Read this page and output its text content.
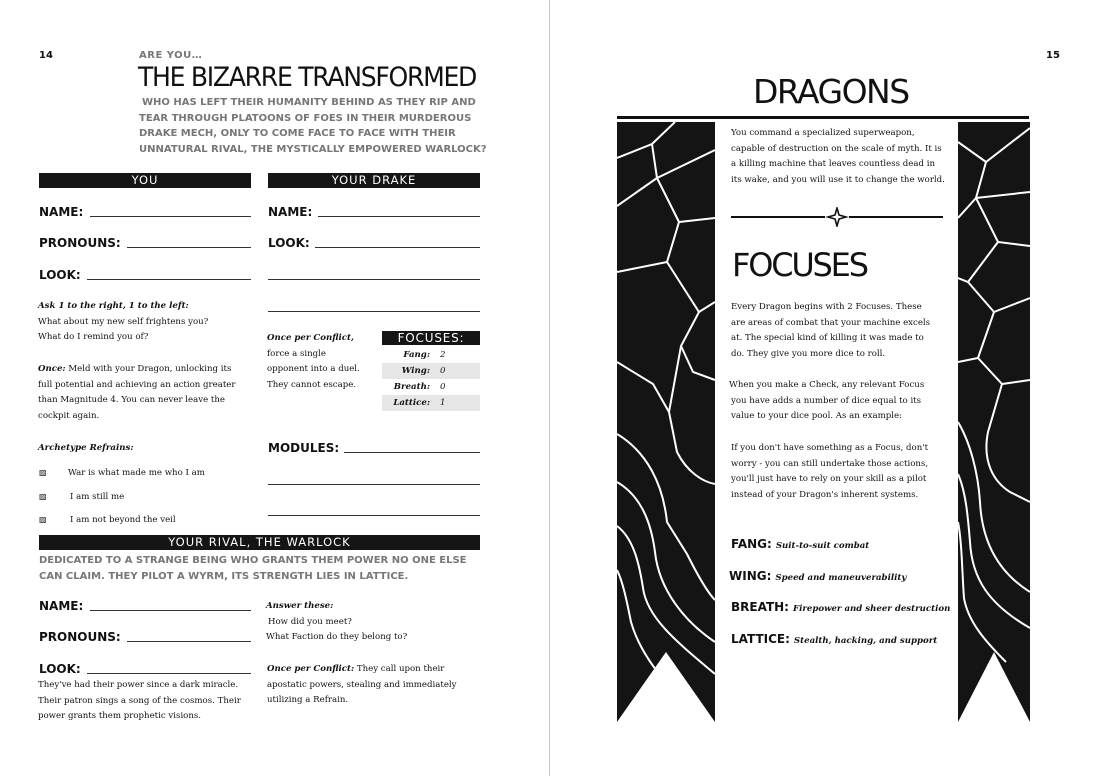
14	ARE YOU…
THE BIZARRE TRANSFORMED
WHO HAS LEFT THEIR HUMANITY BEHIND AS THEY RIP AND
TEAR THROUGH PLATOONS OF FOES IN THEIR MURDEROUS
DRAKE MECH, ONLY TO COME FACE TO FACE WITH THEIR
UNNATURAL RIVAL, THE MYSTICALLY EMPOWERED WARLOCK?
YOU
NAME:
PRONOUNS:
LOOK:
Ask 1 to the right, 1 to the left:
What about my new self frightens you?
What do I remind you of?
Once: Meld with your Dragon, unlocking its
full potential and achieving an action greater
than Magnitude 4. You can never leave the
cockpit again.
Archetype Refrains:
▨ War is what made me who I am
▨	I am still me
▨	I am not beyond the veil
YOUR DRAKE
NAME:
LOOK:
Once per Conflict,
force a single
opponent into a duel.
They cannot escape.
FOCUSES:
Fang: 2
Wing: 0
Breath: 0
Lattice: 1
MODULES:
YOUR RIVAL, THE WARLOCK
DEDICATED TO A STRANGE BEING WHO GRANTS THEM POWER NO ONE ELSE
CAN CLAIM. THEY PILOT A WYRM, ITS STRENGTH LIES IN LATTICE.
NAME:
PRONOUNS:
LOOK:
They've had their power since a dark miracle.
Their patron sings a song of the cosmos. Their
power grants them prophetic visions.
Answer these:
How did you meet?
What Faction do they belong to?
Once per Conflict: They call upon their
apostatic powers, stealing and immediately
utilizing a Refrain.
15
DRAGONS
You command a specialized superweapon,
capable of destruction on the scale of myth. It is
a killing machine that leaves countless dead in
its wake, and you will use it to change the world.
FOCUSES
Every Dragon begins with 2 Focuses. These
are areas of combat that your machine excels
at. The special kind of killing it was made to
do. They give you more dice to roll.
When you make a Check, any relevant Focus
you have adds a number of dice equal to its
value to your dice pool. As an example:
If you don't have something as a Focus, don't
worry - you can still undertake those actions,
you'll just have to rely on your skill as a pilot
instead of your Dragon's inherent systems.
FANG: Suit-to-suit combat
WING: Speed and maneuverability
BREATH: Firepower and sheer destruction
LATTICE: Stealth, hacking, and support
